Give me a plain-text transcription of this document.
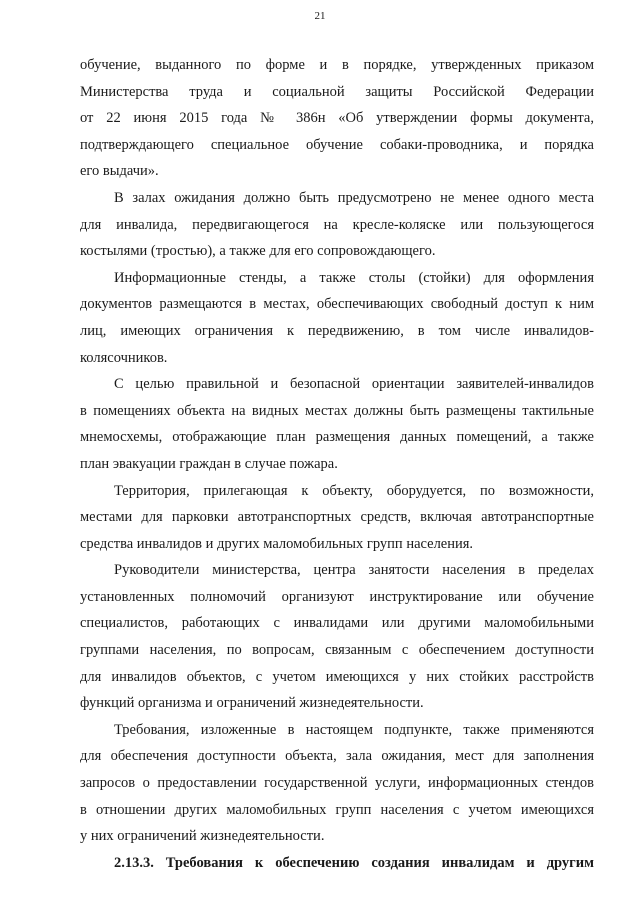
21

обучение, выданного по форме и в порядке, утвержденных приказом

Министерства труда и социальной защиты Российской Федерации

от 22 июня 2015 года № 386н «Об утверждении формы документа,

подтверждающего специальное обучение собаки-проводника, и порядка

его выдачи».

В залах ожидания должно быть предусмотрено не менее одного места

для инвалида, передвигающегося на кресле-коляске или пользующегося

костылями (тростью), а также для его сопровождающего.

Информационные стенды, а также столы (стойки) для оформления

документов размещаются в местах, обеспечивающих свободный доступ к ним

лиц, имеющих ограничения к передвижению, в том числе инвалидов-

колясочников.

С целью правильной и безопасной ориентации заявителей-инвалидов

в помещениях объекта на видных местах должны быть размещены тактильные

мнемосхемы, отображающие план размещения данных помещений, а также

план эвакуации граждан в случае пожара.

Территория, прилегающая к объекту, оборудуется, по возможности,

местами для парковки автотранспортных средств, включая автотранспортные

средства инвалидов и других маломобильных групп населения.

Руководители министерства, центра занятости населения в пределах

установленных полномочий организуют инструктирование или обучение

специалистов, работающих с инвалидами или другими маломобильными

группами населения, по вопросам, связанным с обеспечением доступности

для инвалидов объектов, с учетом имеющихся у них стойких расстройств

функций организма и ограничений жизнедеятельности.

Требования, изложенные в настоящем подпункте, также применяются

для обеспечения доступности объекта, зала ожидания, мест для заполнения

запросов о предоставлении государственной услуги, информационных стендов

в отношении других маломобильных групп населения с учетом имеющихся

у них ограничений жизнедеятельности.

2.13.3. Требования к обеспечению создания инвалидам и другим
